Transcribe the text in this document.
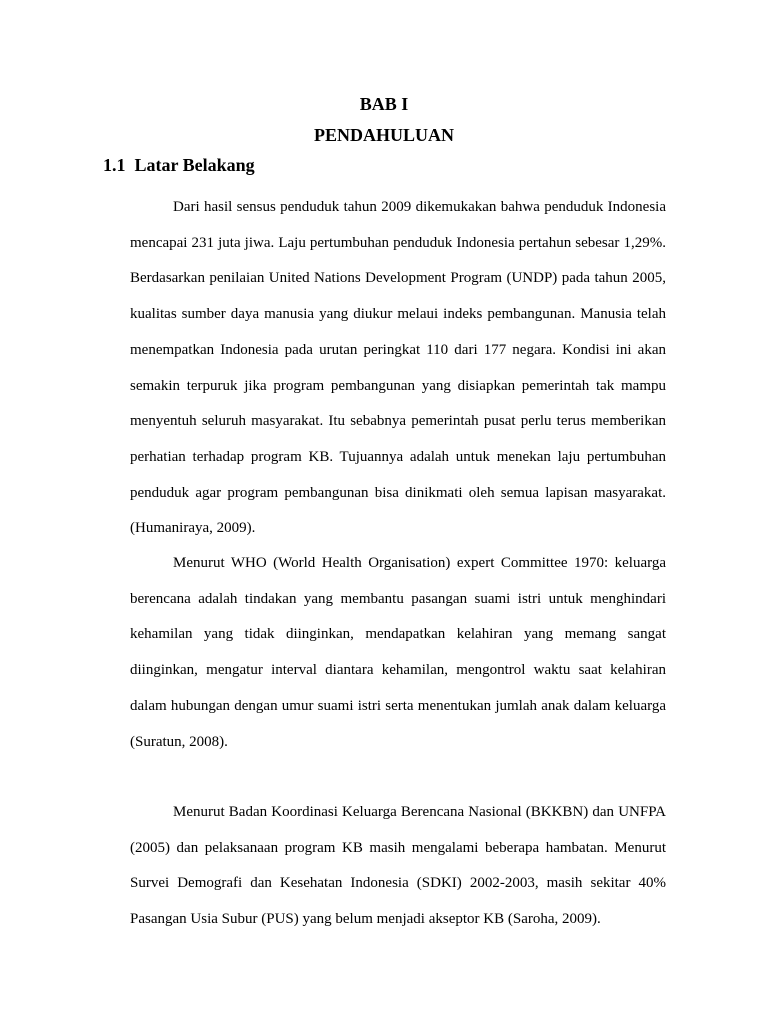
BAB I
PENDAHULUAN
1.1  Latar Belakang

Dari hasil sensus penduduk tahun 2009 dikemukakan bahwa penduduk Indonesia mencapai 231 juta jiwa. Laju pertumbuhan penduduk Indonesia pertahun sebesar 1,29%. Berdasarkan penilaian United Nations Development Program (UNDP) pada tahun 2005, kualitas sumber daya manusia yang diukur melaui indeks pembangunan. Manusia telah menempatkan Indonesia pada urutan peringkat 110 dari 177 negara. Kondisi ini akan semakin terpuruk jika program pembangunan yang disiapkan pemerintah tak mampu menyentuh seluruh masyarakat. Itu sebabnya pemerintah pusat perlu terus memberikan perhatian terhadap program KB. Tujuannya adalah untuk menekan laju pertumbuhan penduduk agar program pembangunan bisa dinikmati oleh semua lapisan masyarakat. (Humaniraya, 2009).

Menurut WHO (World Health Organisation) expert Committee 1970: keluarga berencana adalah tindakan yang membantu pasangan suami istri untuk menghindari kehamilan yang tidak diinginkan, mendapatkan kelahiran yang memang sangat diinginkan, mengatur interval diantara kehamilan, mengontrol waktu saat kelahiran dalam hubungan dengan umur suami istri serta menentukan jumlah anak dalam keluarga (Suratun, 2008).

Menurut Badan Koordinasi Keluarga Berencana Nasional (BKKBN) dan UNFPA (2005) dan pelaksanaan program KB masih mengalami beberapa hambatan. Menurut Survei Demografi dan Kesehatan Indonesia (SDKI) 2002-2003, masih sekitar 40% Pasangan Usia Subur (PUS) yang belum menjadi akseptor KB (Saroha, 2009).
